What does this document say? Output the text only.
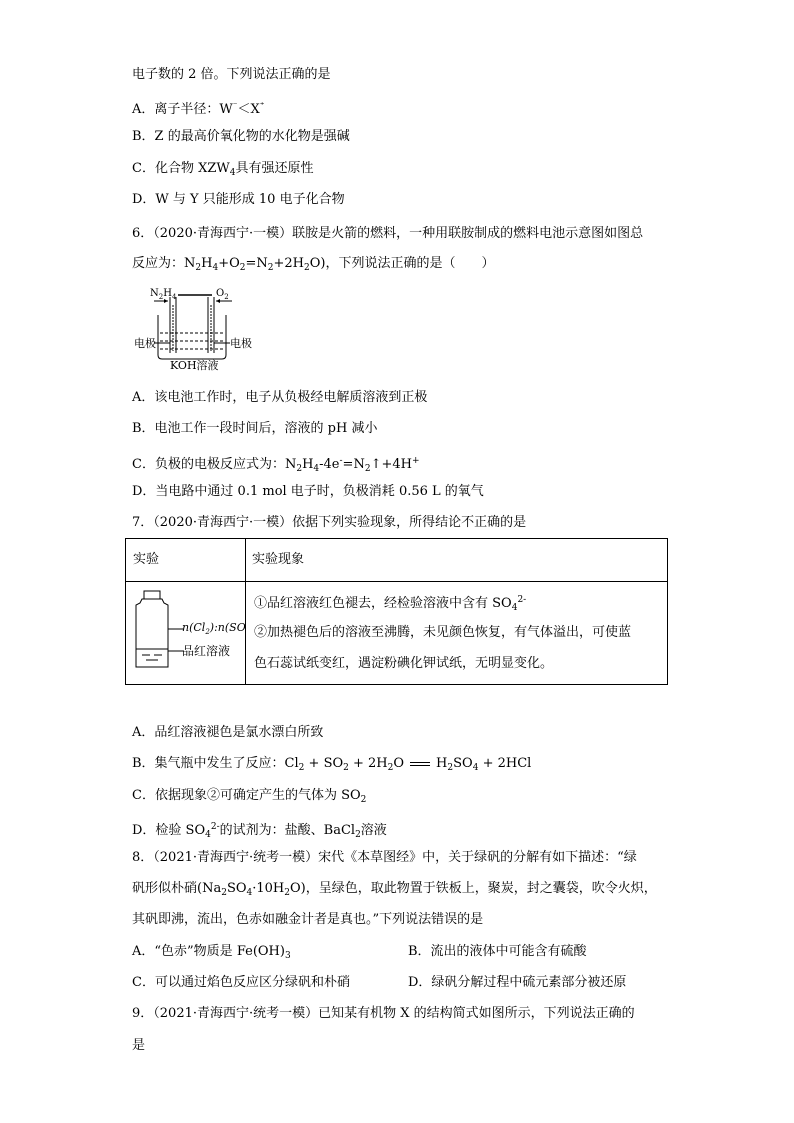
电子数的 2 倍。下列说法正确的是
A．离子半径：W⁻＜X⁺
B．Z 的最高价氧化物的水化物是强碱
C．化合物 $XZW_4$具有强还原性
D．W 与 Y 只能形成 10 电子化合物
6．（2020·青海西宁·一模）联胺是火箭的燃料，一种用联胺制成的燃料电池示意图如图总
反应为：$N_2H_4+O_2=N_2+2H_2O$)，下列说法正确的是（　　）
$N_2H_4$	$O_2$
电极	电极
KOH溶液
A．该电池工作时，电子从负极经电解质溶液到正极
B．电池工作一段时间后，溶液的 pH 减小
C．负极的电极反应式为：$N_2H_4-4e^-=N_2↑+4H^+$
D．当电路中通过 0.1 mol 电子时，负极消耗 0.56 L 的氧气
7．（2020·青海西宁·一模）依据下列实验现象，所得结论不正确的是
实验	实验现象
$n(Cl_2):n(SO$
品红溶液
①品红溶液红色褪去，经检验溶液中含有 $SO_4^{2-}$
②加热褪色后的溶液至沸腾，未见颜色恢复，有气体溢出，可使蓝
色石蕊试纸变红，遇淀粉碘化钾试纸，无明显变化。
A．品红溶液褪色是氯水漂白所致
B．集气瓶中发生了反应：$Cl_2 + SO_2 + 2H_2O$ $H_2SO_4 + 2HCl$
C．依据现象②可确定产生的气体为 $SO_2$
D．检验 $SO_4^{2-}$的试剂为：盐酸、BaCl$_2$溶液
8．（2021·青海西宁·统考一模）宋代《本草图经》中，关于绿矾的分解有如下描述：“绿
矾形似朴硝$(Na_2SO_4\cdot 10H_2O)$，呈绿色，取此物置于铁板上，聚炭，封之囊袋，吹令火炽，
其矾即沸，流出，色赤如融金计者是真也。”下列说法错误的是
A．“色赤”物质是 $Fe(OH)_3$	B．流出的液体中可能含有硫酸
C．可以通过焰色反应区分绿矾和朴硝	D．绿矾分解过程中硫元素部分被还原
9．（2021·青海西宁·统考一模）已知某有机物 X 的结构简式如图所示，下列说法正确的
是
